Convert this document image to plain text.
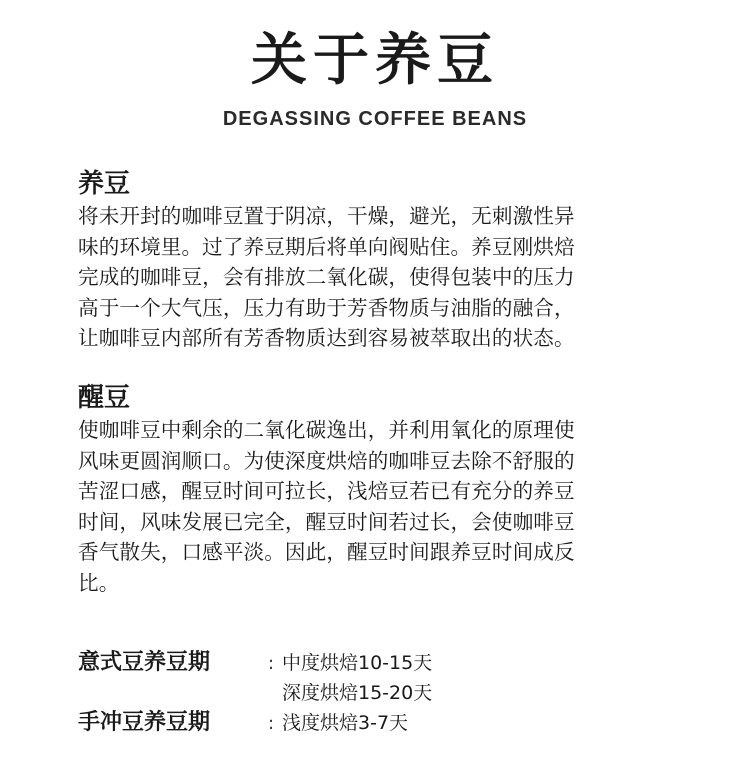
关于养豆
DEGASSING COFFEE BEANS
养豆
将未开封的咖啡豆置于阴凉，干燥，避光，无刺激性异
味的环境里。过了养豆期后将单向阀贴住。养豆刚烘焙
完成的咖啡豆，会有排放二氧化碳，使得包装中的压力
高于一个大气压，压力有助于芳香物质与油脂的融合，
让咖啡豆内部所有芳香物质达到容易被萃取出的状态。
醒豆
使咖啡豆中剩余的二氧化碳逸出，并利用氧化的原理使
风味更圆润顺口。为使深度烘焙的咖啡豆去除不舒服的
苦涩口感，醒豆时间可拉长，浅焙豆若已有充分的养豆
时间，风味发展已完全，醒豆时间若过长，会使咖啡豆
香气散失，口感平淡。因此，醒豆时间跟养豆时间成反
比。
意式豆养豆期	: 中度烘焙10-15天
深度烘焙15-20天
手冲豆养豆期	: 浅度烘焙3-7天
